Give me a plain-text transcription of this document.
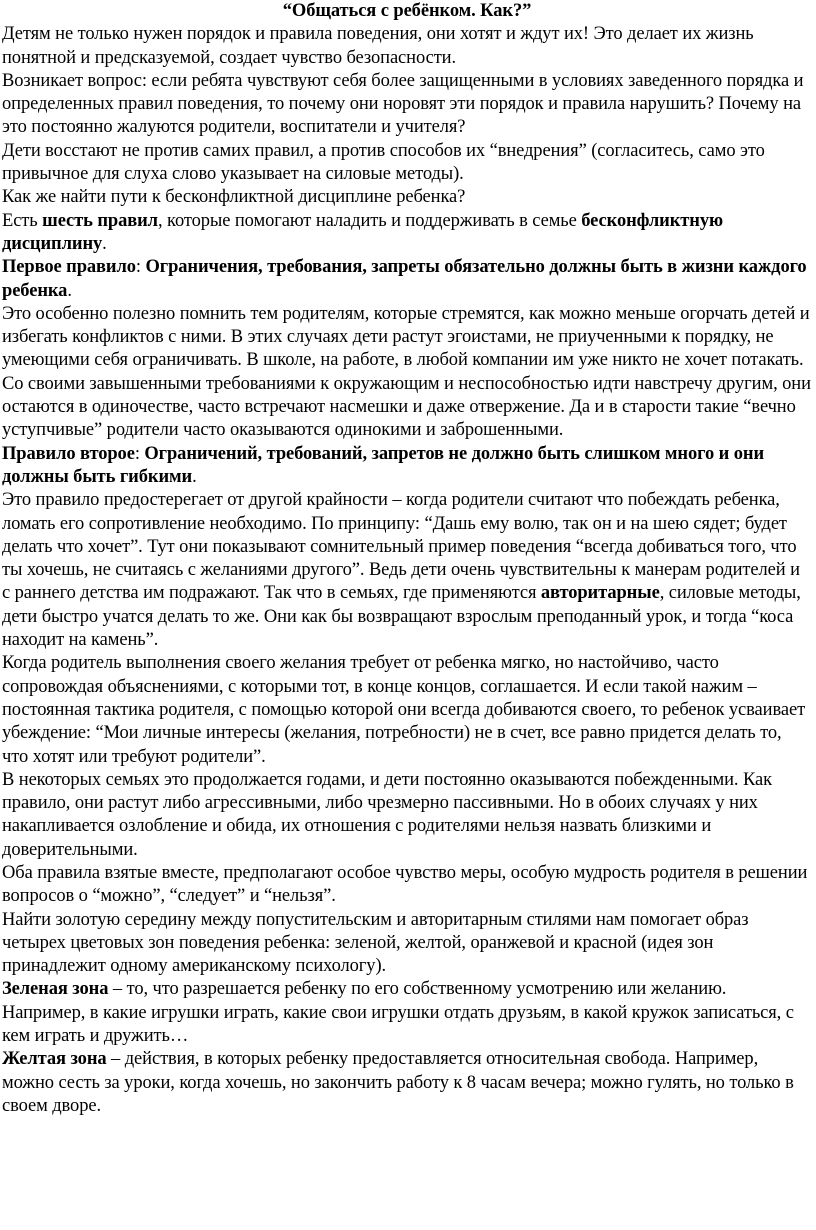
“Общаться с ребёнком. Как?”

Детям не только нужен порядок и правила поведения, они хотят и ждут их! Это делает их жизнь понятной и предсказуемой, создает чувство безопасности.

Возникает вопрос: если ребята чувствуют себя более защищенными в условиях заведенного порядка и определенных правил поведения, то почему они норовят эти порядок и правила нарушить? Почему на это постоянно жалуются родители, воспитатели и учителя?

Дети восстают не против самих правил, а против способов их “внедрения” (согласитесь, само это привычное для слуха слово указывает на силовые методы).

Как же найти пути к бесконфликтной дисциплине ребенка?

Есть шесть правил, которые помогают наладить и поддерживать в семье бесконфликтную дисциплину.

Первое правило: Ограничения, требования, запреты обязательно должны быть в жизни каждого ребенка.

Это особенно полезно помнить тем родителям, которые стремятся, как можно меньше огорчать детей и избегать конфликтов с ними. В этих случаях дети растут эгоистами, не приученными к порядку, не умеющими себя ограничивать. В школе, на работе, в любой компании им уже никто не хочет потакать. Со своими завышенными требованиями к окружающим и неспособностью идти навстречу другим, они остаются в одиночестве, часто встречают насмешки и даже отвержение. Да и в старости такие “вечно уступчивые” родители часто оказываются одинокими и заброшенными.

Правило второе: Ограничений, требований, запретов не должно быть слишком много и они должны быть гибкими.

Это правило предостерегает от другой крайности – когда родители считают что побеждать ребенка, ломать его сопротивление необходимо. По принципу: “Дашь ему волю, так он и на шею сядет; будет делать что хочет”. Тут они показывают сомнительный пример поведения “всегда добиваться того, что ты хочешь, не считаясь с желаниями другого”. Ведь дети очень чувствительны к манерам родителей и с раннего детства им подражают. Так что в семьях, где применяются авторитарные, силовые методы, дети быстро учатся делать то же. Они как бы возвращают взрослым преподанный урок, и тогда “коса находит на камень”.

Когда родитель выполнения своего желания требует от ребенка мягко, но настойчиво, часто сопровождая объяснениями, с которыми тот, в конце концов, соглашается. И если такой нажим – постоянная тактика родителя, с помощью которой они всегда добиваются своего, то ребенок усваивает убеждение: “Мои личные интересы (желания, потребности) не в счет, все равно придется делать то, что хотят или требуют родители”.

В некоторых семьях это продолжается годами, и дети постоянно оказываются побежденными. Как правило, они растут либо агрессивными, либо чрезмерно пассивными. Но в обоих случаях у них накапливается озлобление и обида, их отношения с родителями нельзя назвать близкими и доверительными.

Оба правила взятые вместе, предполагают особое чувство меры, особую мудрость родителя в решении вопросов о “можно”, “следует” и “нельзя”.

Найти золотую середину между попустительским и авторитарным стилями нам помогает образ четырех цветовых зон поведения ребенка: зеленой, желтой, оранжевой и красной (идея зон принадлежит одному американскому психологу).

Зеленая зона – то, что разрешается ребенку по его собственному усмотрению или желанию. Например, в какие игрушки играть, какие свои игрушки отдать друзьям, в какой кружок записаться, с кем играть и дружить…

Желтая зона – действия, в которых ребенку предоставляется относительная свобода. Например, можно сесть за уроки, когда хочешь, но закончить работу к 8 часам вечера; можно гулять, но только в своем дворе.
